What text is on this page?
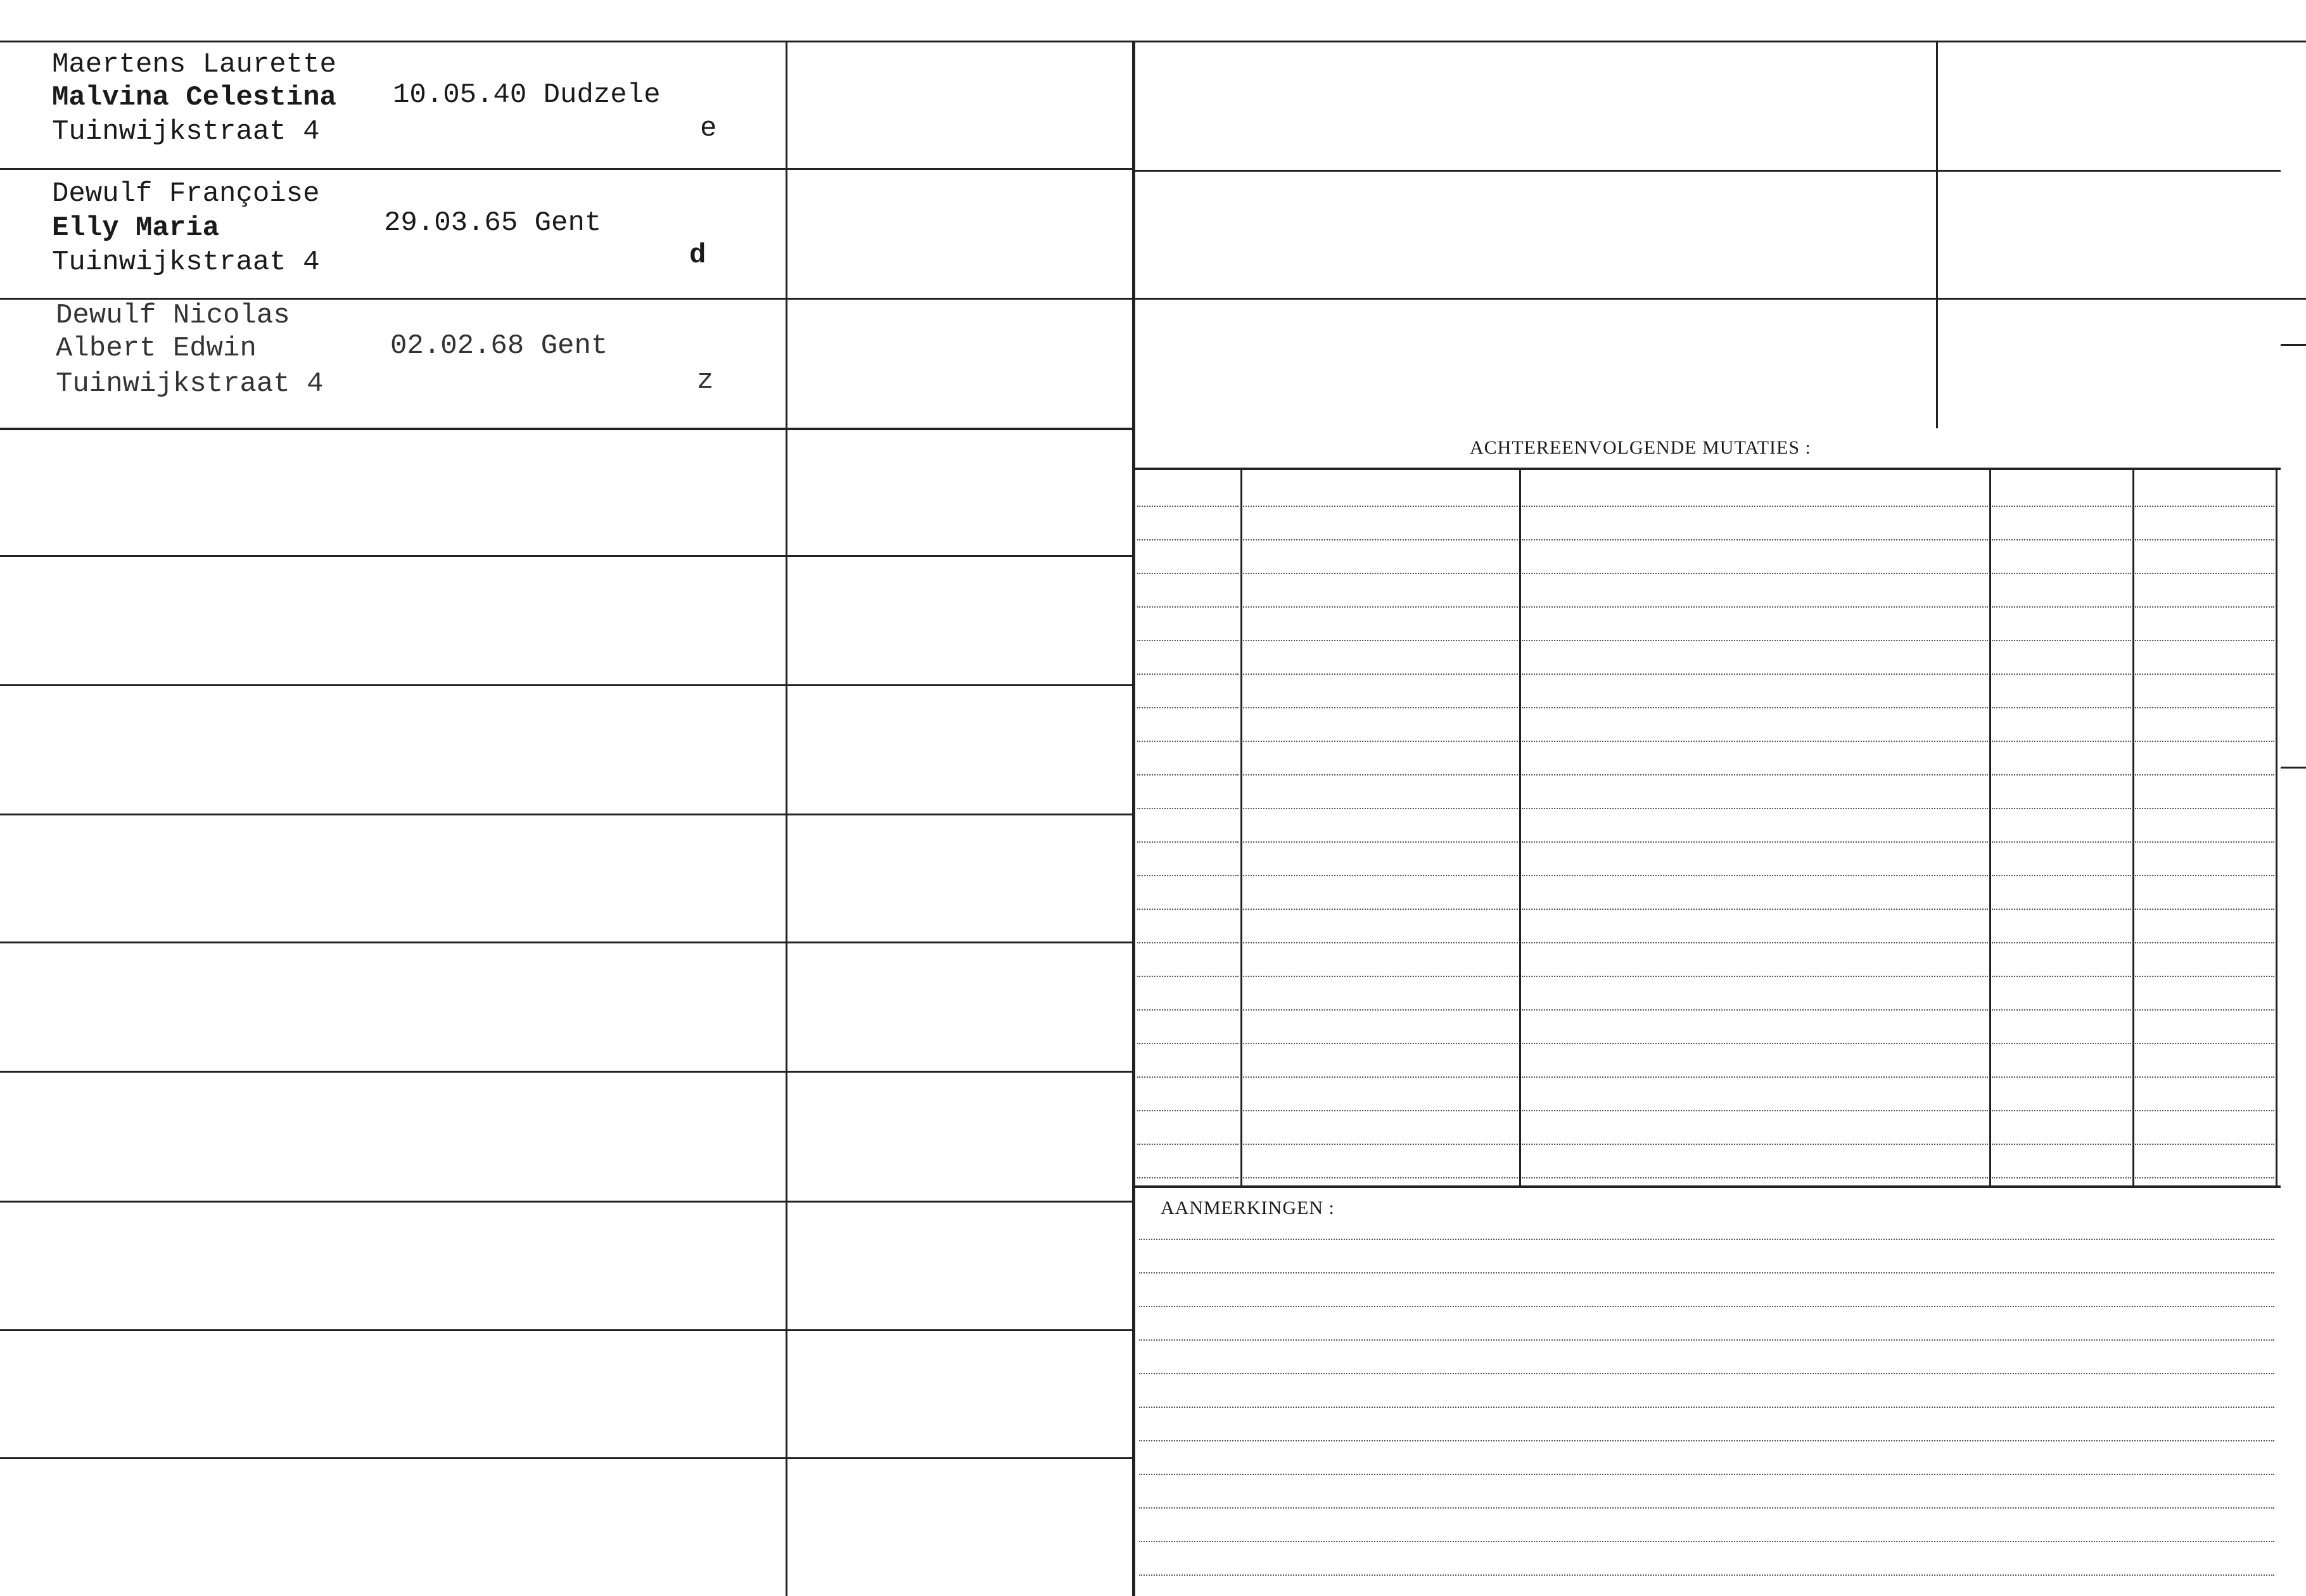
Maertens Laurette
Malvina Celestina
Tuinwijkstraat 4
10.05.40 Dudzele
e
Dewulf Françoise
Elly Maria
Tuinwijkstraat 4
29.03.65 Gent
d
Dewulf Nicolas
Albert Edwin
Tuinwijkstraat 4
02.02.68 Gent
z
ACHTEREENVOLGENDE MUTATIES :
AANMERKINGEN :
